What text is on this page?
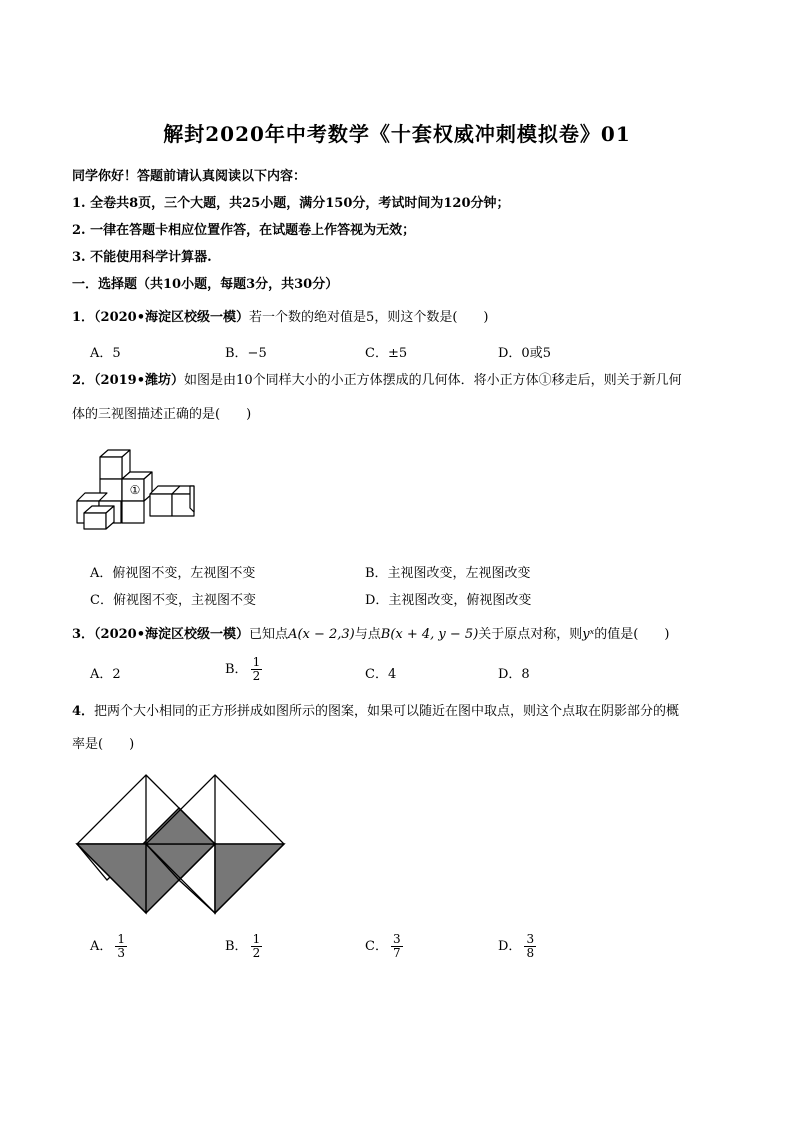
解封2020年中考数学《十套权威冲刺模拟卷》01
同学你好！答题前请认真阅读以下内容：
1. 全卷共8页，三个大题，共25小题，满分150分，考试时间为120分钟；
2. 一律在答题卡相应位置作答，在试题卷上作答视为无效；
3. 不能使用科学计算器.
一．选择题（共10小题，每题3分，共30分）
1．（2020•海淀区校级一模）若一个数的绝对值是5，则这个数是(　　)
A．5	B．−5	C．±5	D．0或5
2．（2019•潍坊）如图是由10个同样大小的小正方体摆成的几何体．将小正方体①移走后，则关于新几何
体的三视图描述正确的是(　　)
①
A．俯视图不变，左视图不变	B．主视图改变，左视图改变
C．俯视图不变，主视图不变	D．主视图改变，俯视图改变
3．（2020•海淀区校级一模）已知点A(x − 2,3)与点B(x + 4, y − 5)关于原点对称，则yˣ的值是(　　)
A．2	B． $\frac{1}{2}$	C．4	D．8
4．把两个大小相同的正方形拼成如图所示的图案，如果可以随近在图中取点，则这个点取在阴影部分的概
率是(　　)
A． $\frac{1}{3}$	B． $\frac{1}{2}$	C． $\frac{3}{7}$	D． $\frac{3}{8}$
